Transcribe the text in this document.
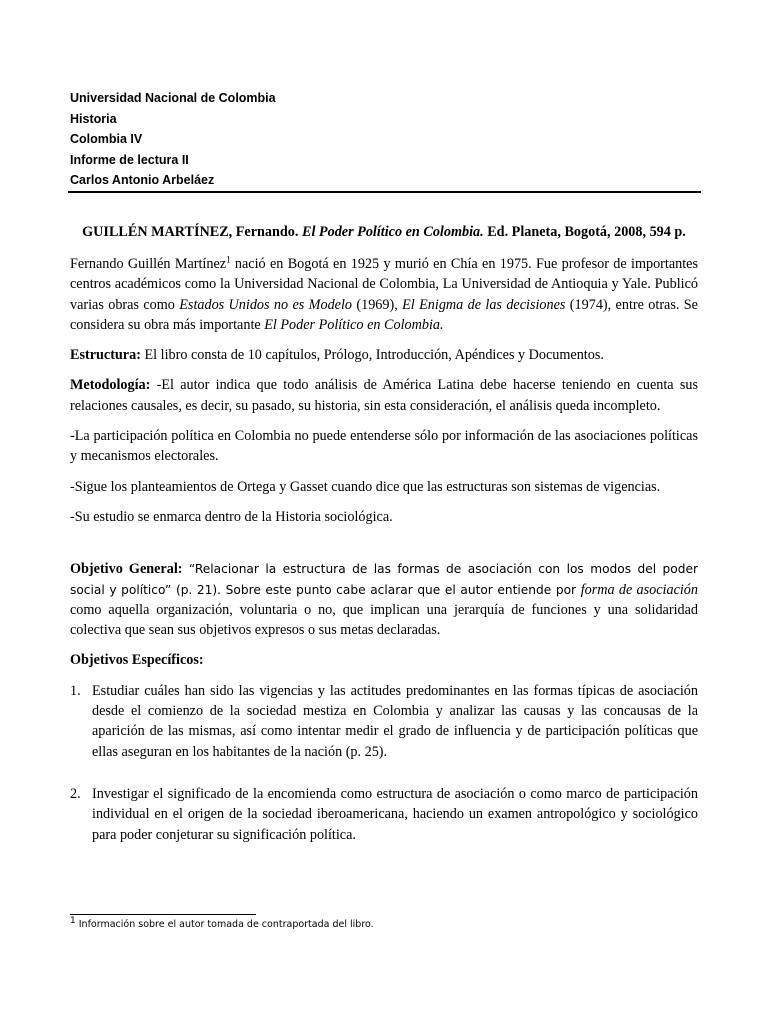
Universidad Nacional de Colombia
Historia
Colombia IV
Informe de lectura II
Carlos Antonio Arbeláez
GUILLÉN MARTÍNEZ, Fernando. El Poder Político en Colombia. Ed. Planeta, Bogotá, 2008, 594 p.

Fernando Guillén Martínez$^1$ nació en Bogotá en 1925 y murió en Chía en 1975. Fue profesor de importantes centros académicos como la Universidad Nacional de Colombia, La Universidad de Antioquia y Yale. Publicó varias obras como Estados Unidos no es Modelo (1969), El Enigma de las decisiones (1974), entre otras. Se considera su obra más importante El Poder Político en Colombia.

Estructura: El libro consta de 10 capítulos, Prólogo, Introducción, Apéndices y Documentos.

Metodología: -El autor indica que todo análisis de América Latina debe hacerse teniendo en cuenta sus relaciones causales, es decir, su pasado, su historia, sin esta consideración, el análisis queda incompleto.

-La participación política en Colombia no puede entenderse sólo por información de las asociaciones políticas y mecanismos electorales.

-Sigue los planteamientos de Ortega y Gasset cuando dice que las estructuras son sistemas de vigencias.

-Su estudio se enmarca dentro de la Historia sociológica.

Objetivo General: “Relacionar la estructura de las formas de asociación con los modos del poder social y político” (p. 21). Sobre este punto cabe aclarar que el autor entiende por forma de asociación como aquella organización, voluntaria o no, que implican una jerarquía de funciones y una solidaridad colectiva que sean sus objetivos expresos o sus metas declaradas.

Objetivos Específicos:

1. Estudiar cuáles han sido las vigencias y las actitudes predominantes en las formas típicas de asociación desde el comienzo de la sociedad mestiza en Colombia y analizar las causas y las concausas de la aparición de las mismas, así como intentar medir el grado de influencia y de participación políticas que ellas aseguran en los habitantes de la nación (p. 25).
2. Investigar el significado de la encomienda como estructura de asociación o como marco de participación individual en el origen de la sociedad iberoamericana, haciendo un examen antropológico y sociológico para poder conjeturar su significación política.
$^1$ Información sobre el autor tomada de contraportada del libro.
